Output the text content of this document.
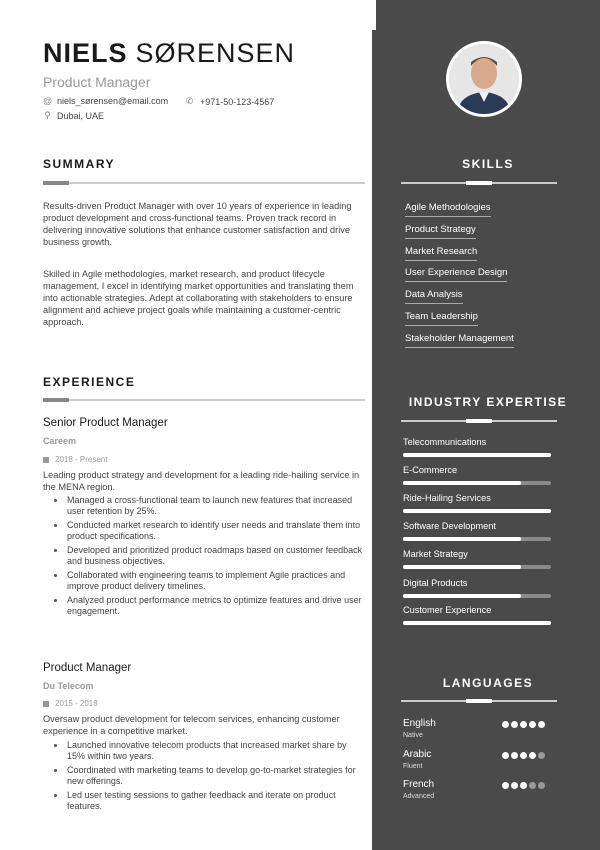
NIELS SØRENSEN
Product Manager
@ niels_sørensen@email.com ✆ +971-50-123-4567
⚲ Dubai, UAE
SUMMARY
Results-driven Product Manager with over 10 years of experience in leading product development and cross-functional teams. Proven track record in delivering innovative solutions that enhance customer satisfaction and drive business growth.
Skilled in Agile methodologies, market research, and product lifecycle management, I excel in identifying market opportunities and translating them into actionable strategies. Adept at collaborating with stakeholders to ensure alignment and achieve project goals while maintaining a customer-centric approach.
EXPERIENCE
Senior Product Manager
Careem
2018 - Present
Leading product strategy and development for a leading ride-hailing service in the MENA region.
Managed a cross-functional team to launch new features that increased user retention by 25%.
Conducted market research to identify user needs and translate them into product specifications.
Developed and prioritized product roadmaps based on customer feedback and business objectives.
Collaborated with engineering teams to implement Agile practices and improve product delivery timelines.
Analyzed product performance metrics to optimize features and drive user engagement.
Product Manager
Du Telecom
2015 - 2018
Oversaw product development for telecom services, enhancing customer experience in a competitive market.
Launched innovative telecom products that increased market share by 15% within two years.
Coordinated with marketing teams to develop go-to-market strategies for new offerings.
Led user testing sessions to gather feedback and iterate on product features.
SKILLS
Agile Methodologies
Product Strategy
Market Research
User Experience Design
Data Analysis
Team Leadership
Stakeholder Management
INDUSTRY EXPERTISE
Telecommunications
E-Commerce
Ride-Hailing Services
Software Development
Market Strategy
Digital Products
Customer Experience
LANGUAGES
English
Native
Arabic
Fluent
French
Advanced
